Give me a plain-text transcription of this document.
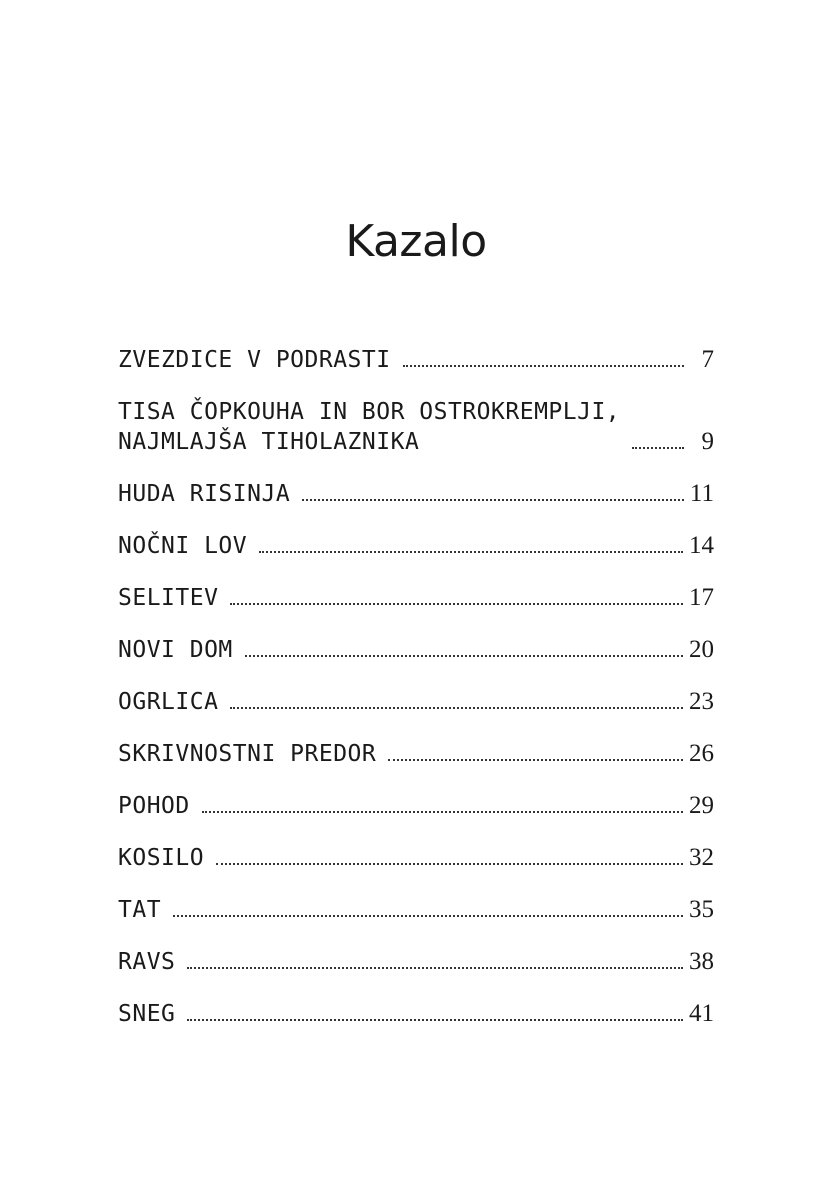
Kazalo
ZVEZDICE V PODRASTI	7
TISA ČOPKOUHA IN BOR OSTROKREMPLJI,
NAJMLAJŠA TIHOLAZNIKA	9
HUDA RISINJA	11
NOČNI LOV	14
SELITEV	17
NOVI DOM	20
OGRLICA	23
SKRIVNOSTNI PREDOR	26
POHOD	29
KOSILO	32
TAT	35
RAVS	38
SNEG	41
